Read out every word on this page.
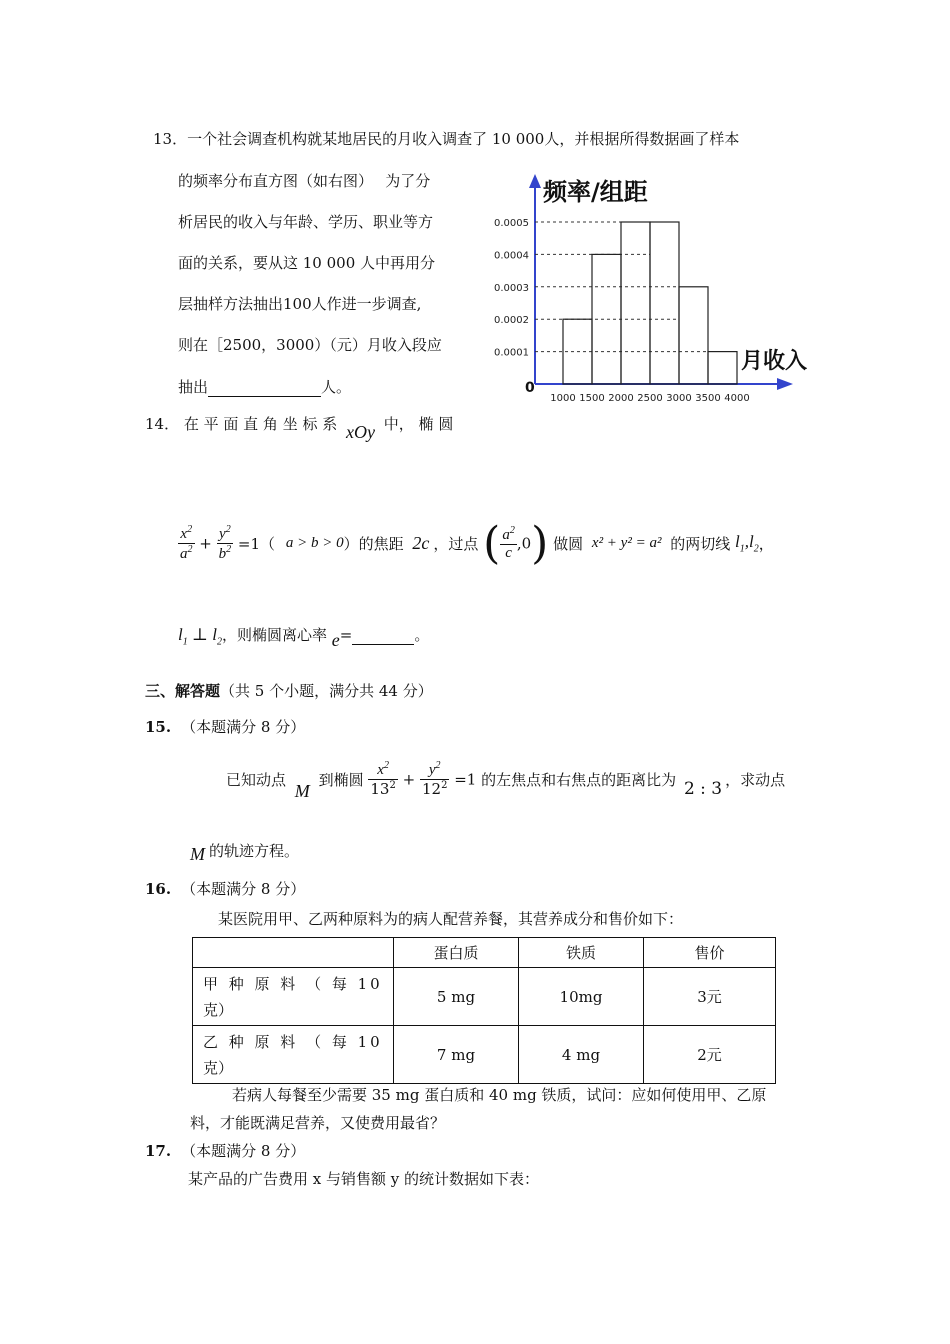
13．一个社会调查机构就某地居民的月收入调查了 10 000人，并根据所得数据画了样本
的频率分布直方图（如右图）　 为了分
析居民的收入与年龄、学历、职业等方
面的关系，要从这 10 000 人中再用分
层抽样方法抽出100人作进一步调查,
则在［2500，3000）（元）月收入段应
抽出	人。
0.0001
0.0002
0.0003
0.0004
0.0005
1000 1500 2000 2500 3000 3500 4000
0
频率/组距
月收入
14． 在 平 面 直 角 坐 标 系 xOy 中， 椭 圆
$\frac{x^2}{a^2} + \frac{y^2}{b^2} =1$（ a > b > 0）的焦距 2c ，过点 ( $\frac{a^2}{c} ,0$) 做圆 x² + y² = a² 的两切线 $l_1,l_2$，
$l_1$ ⊥ $l_2$，则椭圆离心率 e=	。
三、解答题（共 5 个小题，满分共 44 分）
15. （本题满分 8 分）
已知动点 M 到椭圆 $\frac{x^2}{13^2} + \frac{y^2}{12^2} =1$ 的左焦点和右焦点的距离比为 2 : 3 ，求动点
M 的轨迹方程。
16. （本题满分 8 分）
某医院用甲、乙两种原料为的病人配营养餐，其营养成分和售价如下：
	蛋白质	铁质	售价
甲 种 原 料 （ 每 10
克）	5 mg	10mg	3元
乙 种 原 料 （ 每 10
克）	7 mg	4 mg	2元
若病人每餐至少需要 35 mg 蛋白质和 40 mg 铁质，试问：应如何使用甲、乙原
料，才能既满足营养，又使费用最省？
17. （本题满分 8 分）
某产品的广告费用 x 与销售额 y 的统计数据如下表：
